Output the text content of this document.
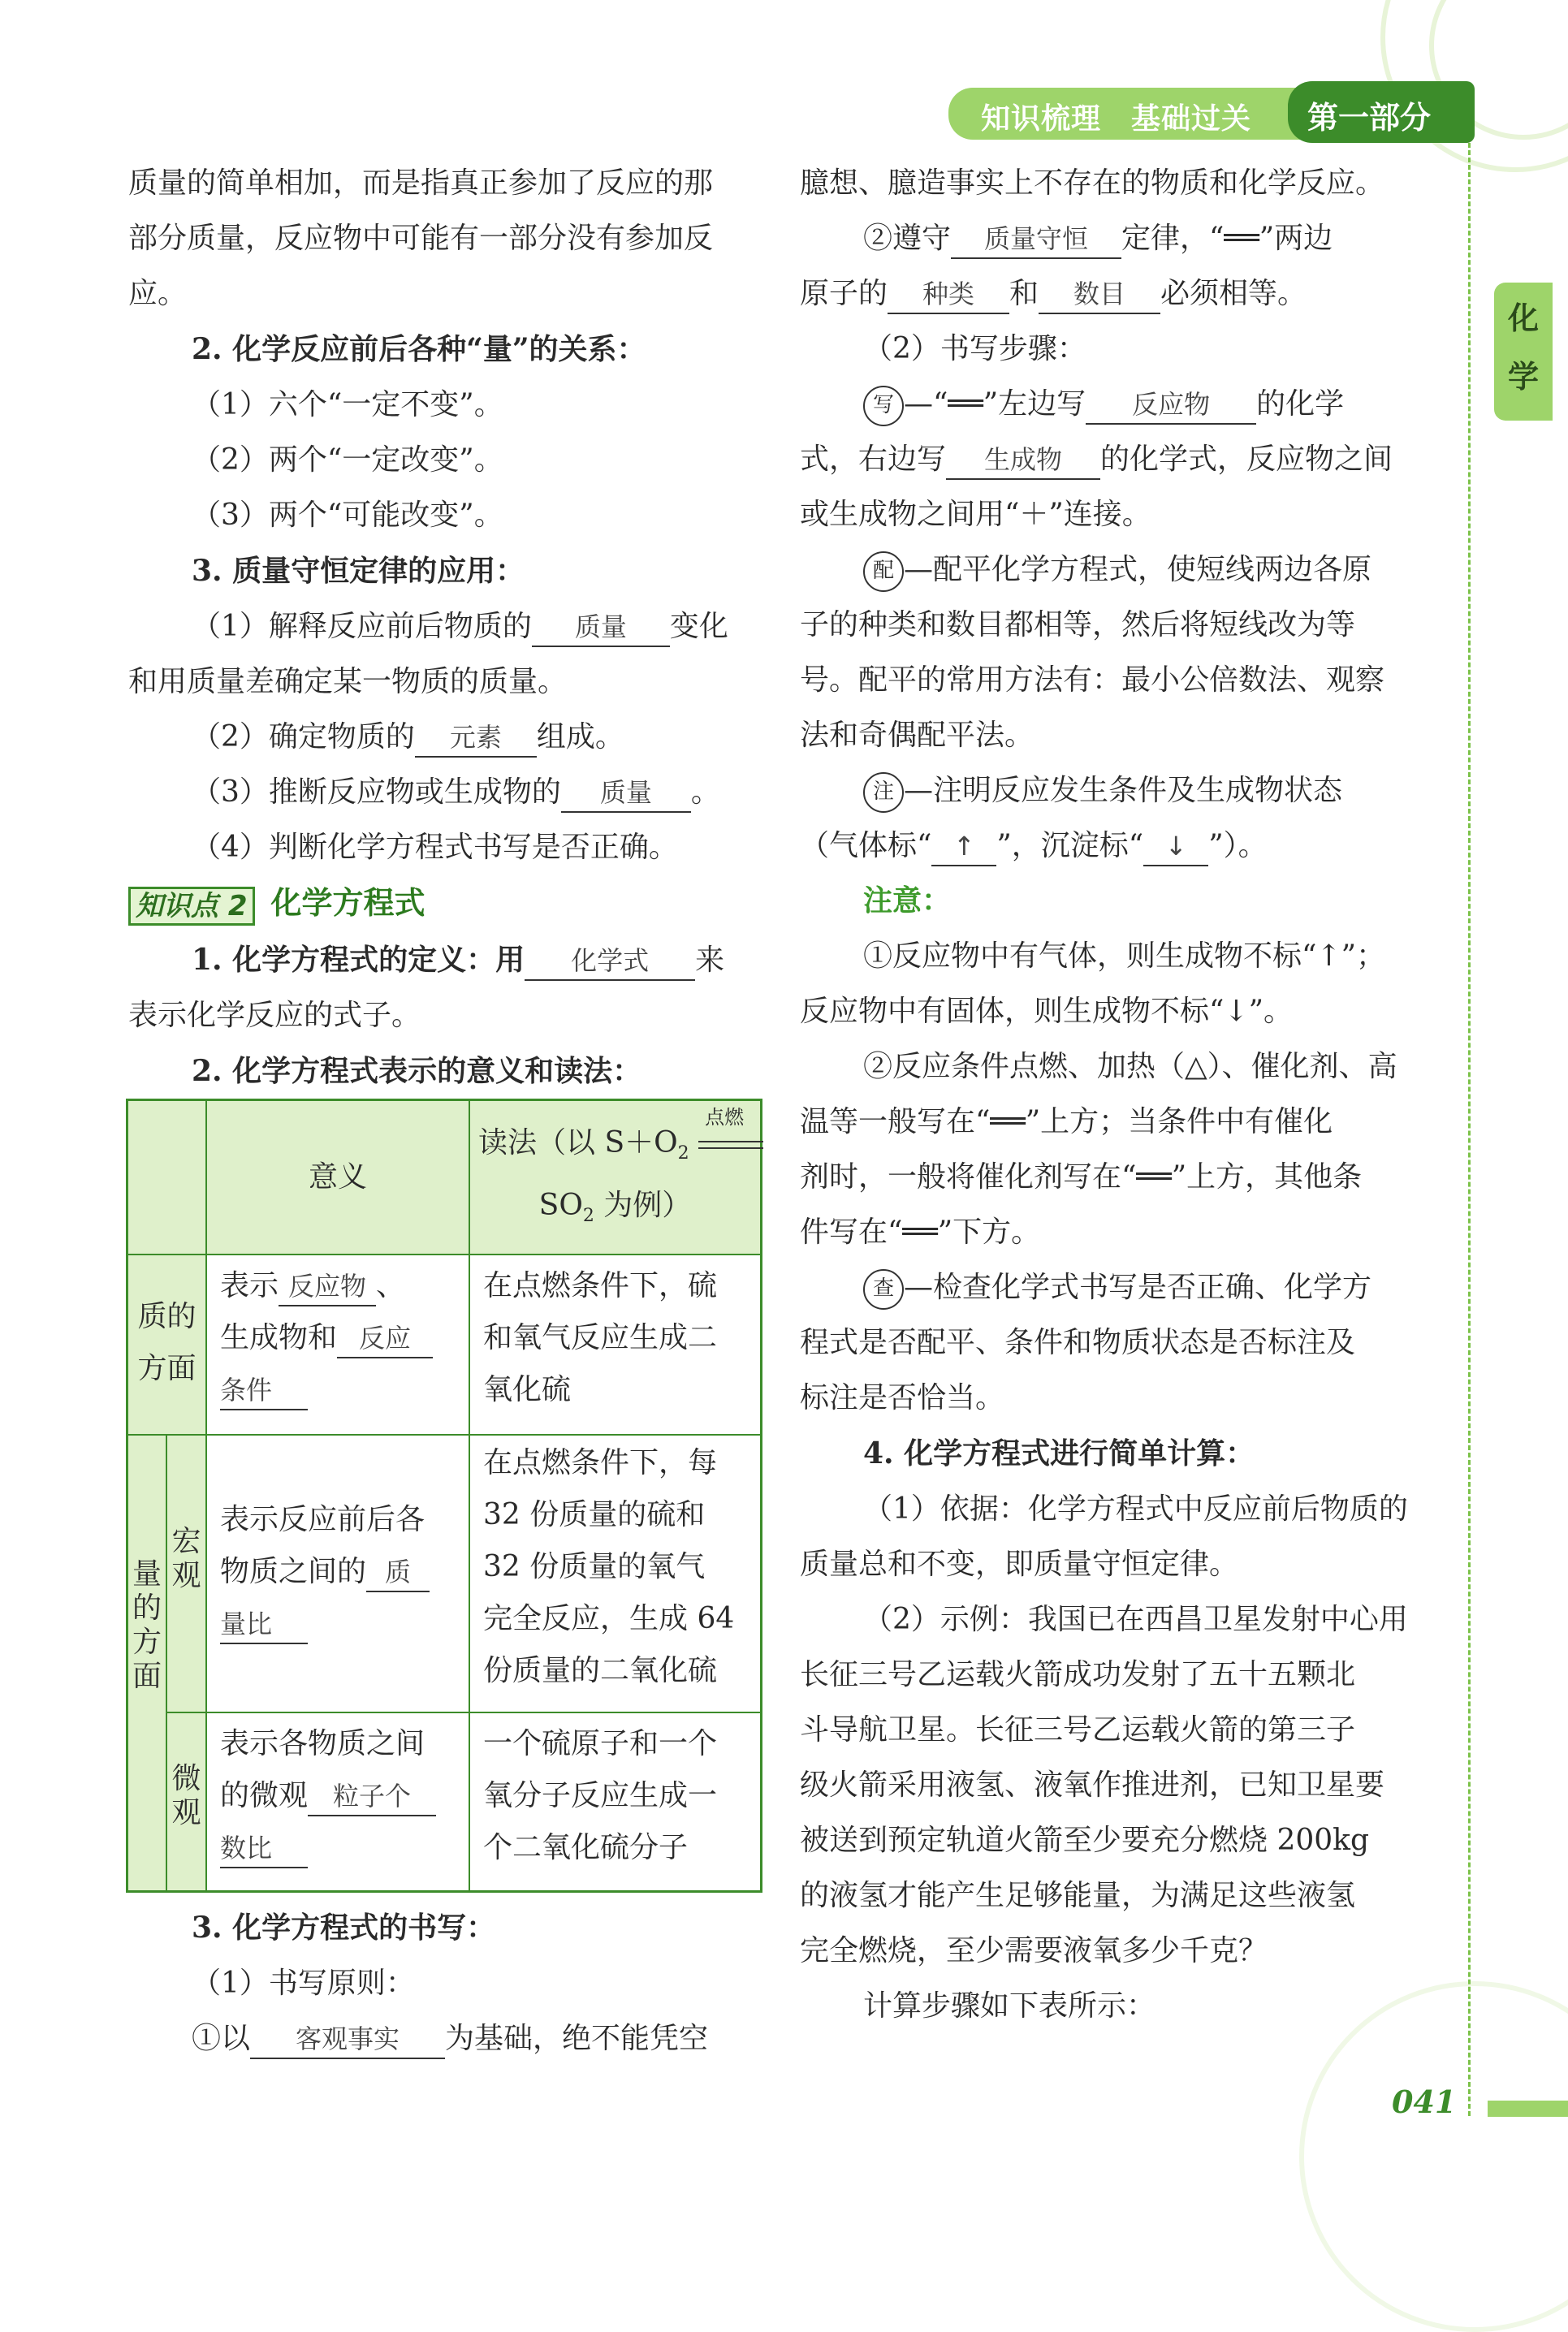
知识梳理　基础过关 第一部分
化
学
041

质量的简单相加，而是指真正参加了反应的那

部分质量，反应物中可能有一部分没有参加反

应。

2. 化学反应前后各种“量”的关系：

（1）六个“一定不变”。

（2）两个“一定改变”。

（3）两个“可能改变”。

3. 质量守恒定律的应用：

（1）解释反应前后物质的 质量 变化

和用质量差确定某一物质的质量。

（2）确定物质的 元素 组成。

（3）推断反应物或生成物的 质量 。

（4）判断化学方程式书写是否正确。

知识点 2 化学方程式

1. 化学方程式的定义：用 化学式 来

表示化学反应的式子。

2. 化学方程式表示的意义和读法：

意义

读法（以 $S+O_2$
点燃

$SO_2$ 为例）

质的

方面

表示 反应物 、

生成物和 反应

条件

在点燃条件下，硫

和氧气反应生成二

氧化硫

量

的

方

面

宏

观

微

观

表示反应前后各

物质之间的 质

量比

在点燃条件下，每

32 份质量的硫和

32 份质量的氧气

完全反应，生成 64

份质量的二氧化硫

表示各物质之间

的微观 粒子个

数比

一个硫原子和一个

氧分子反应生成一

个二氧化硫分子

3. 化学方程式的书写：

（1）书写原则：

①以 客观事实 为基础，绝不能凭空

臆想、臆造事实上不存在的物质和化学反应。

②遵守 质量守恒 定律，“══”两边

原子的 种类 和 数目 必须相等。

（2）书写步骤：

写 —“══”左边写 反应物 的化学

式，右边写 生成物 的化学式，反应物之间

或生成物之间用“＋”连接。

配 —配平化学方程式，使短线两边各原

子的种类和数目都相等，然后将短线改为等

号。配平的常用方法有：最小公倍数法、观察

法和奇偶配平法。

注 —注明反应发生条件及生成物状态

（气体标“ ↑ ”，沉淀标“ ↓ ”）。

注意：

①反应物中有气体，则生成物不标“↑”；

反应物中有固体，则生成物不标“↓”。

②反应条件点燃、加热（△）、催化剂、高

温等一般写在“══”上方；当条件中有催化

剂时，一般将催化剂写在“══”上方，其他条

件写在“══”下方。

查 —检查化学式书写是否正确、化学方

程式是否配平、条件和物质状态是否标注及

标注是否恰当。

4. 化学方程式进行简单计算：

（1）依据：化学方程式中反应前后物质的

质量总和不变，即质量守恒定律。

（2）示例：我国已在西昌卫星发射中心用

长征三号乙运载火箭成功发射了五十五颗北

斗导航卫星。长征三号乙运载火箭的第三子

级火箭采用液氢、液氧作推进剂，已知卫星要

被送到预定轨道火箭至少要充分燃烧 200kg

的液氢才能产生足够能量，为满足这些液氢

完全燃烧，至少需要液氧多少千克？

计算步骤如下表所示：
